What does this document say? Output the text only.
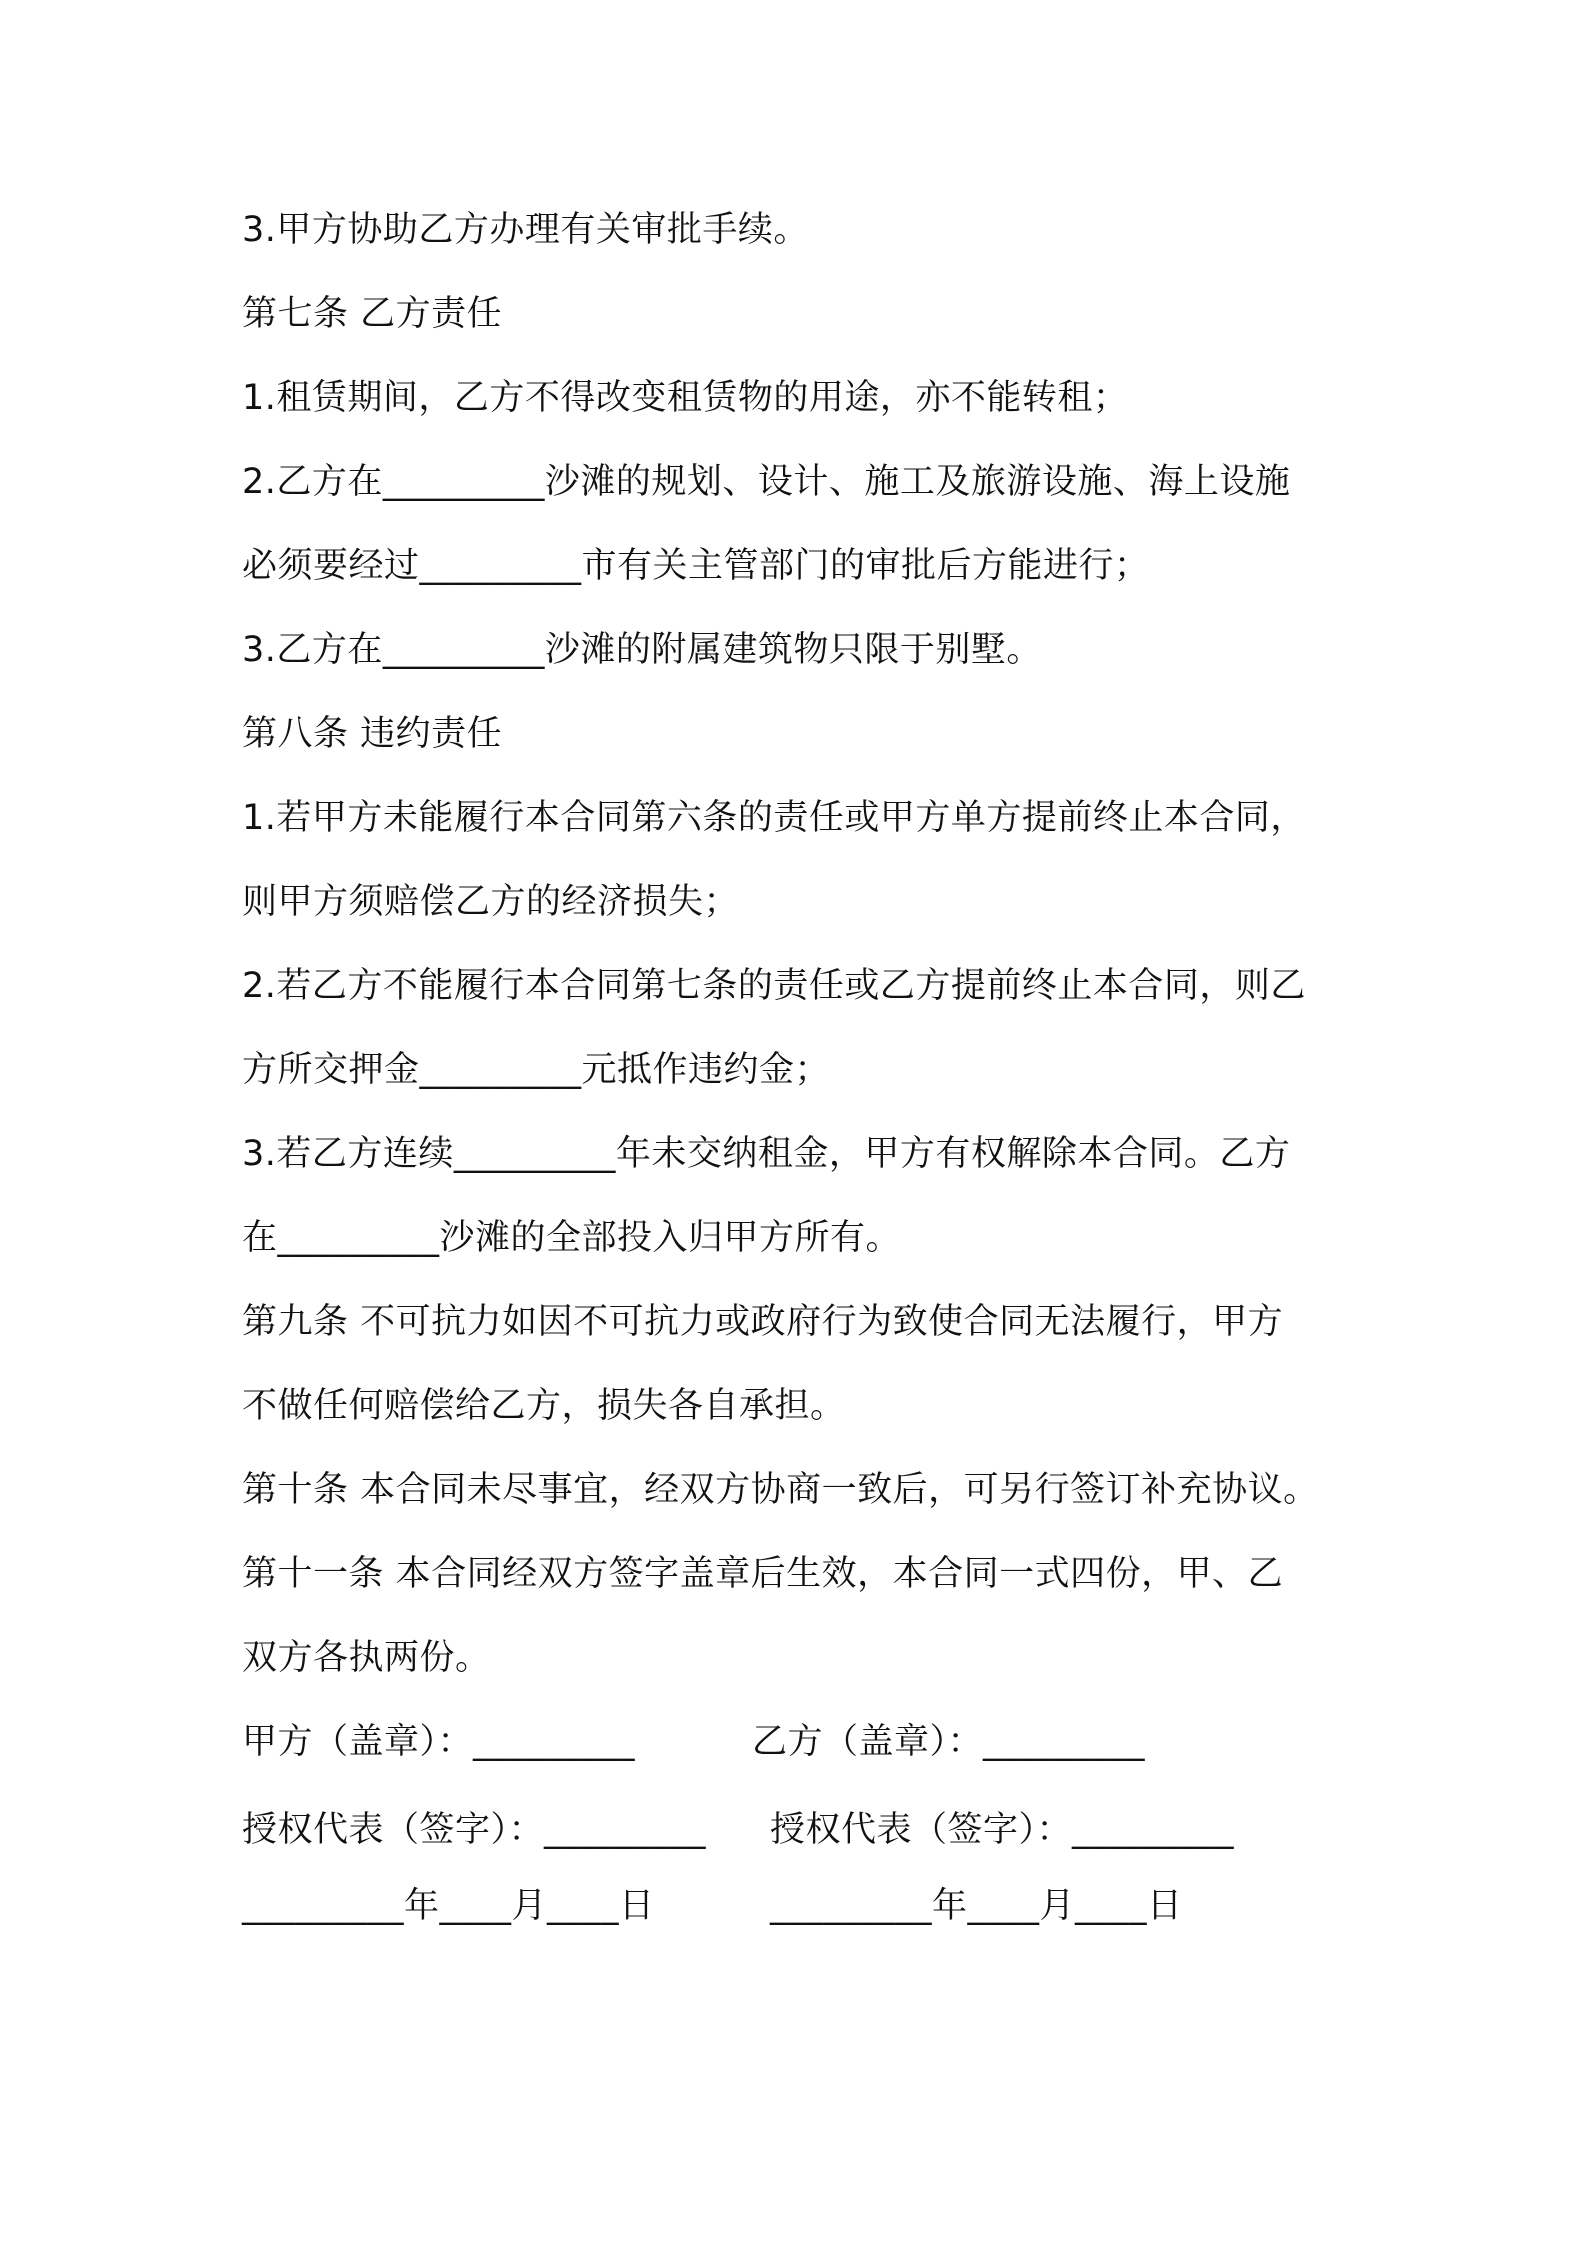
3.甲方协助乙方办理有关审批手续。
第七条 乙方责任
1.租赁期间，乙方不得改变租赁物的用途，亦不能转租；
2.乙方在_________沙滩的规划、设计、施工及旅游设施、海上设施
必须要经过_________市有关主管部门的审批后方能进行；
3.乙方在_________沙滩的附属建筑物只限于别墅。
第八条 违约责任
1.若甲方未能履行本合同第六条的责任或甲方单方提前终止本合同，
则甲方须赔偿乙方的经济损失；
2.若乙方不能履行本合同第七条的责任或乙方提前终止本合同，则乙
方所交押金_________元抵作违约金；
3.若乙方连续_________年未交纳租金，甲方有权解除本合同。乙方
在_________沙滩的全部投入归甲方所有。
第九条 不可抗力如因不可抗力或政府行为致使合同无法履行，甲方
不做任何赔偿给乙方，损失各自承担。
第十条 本合同未尽事宜，经双方协商一致后，可另行签订补充协议。
第十一条 本合同经双方签字盖章后生效，本合同一式四份，甲、乙
双方各执两份。
甲方（盖章）：_________	乙方（盖章）：_________
授权代表（签字）：_________ 授权代表（签字）：_________
_________年____月____日	_________年____月____日
